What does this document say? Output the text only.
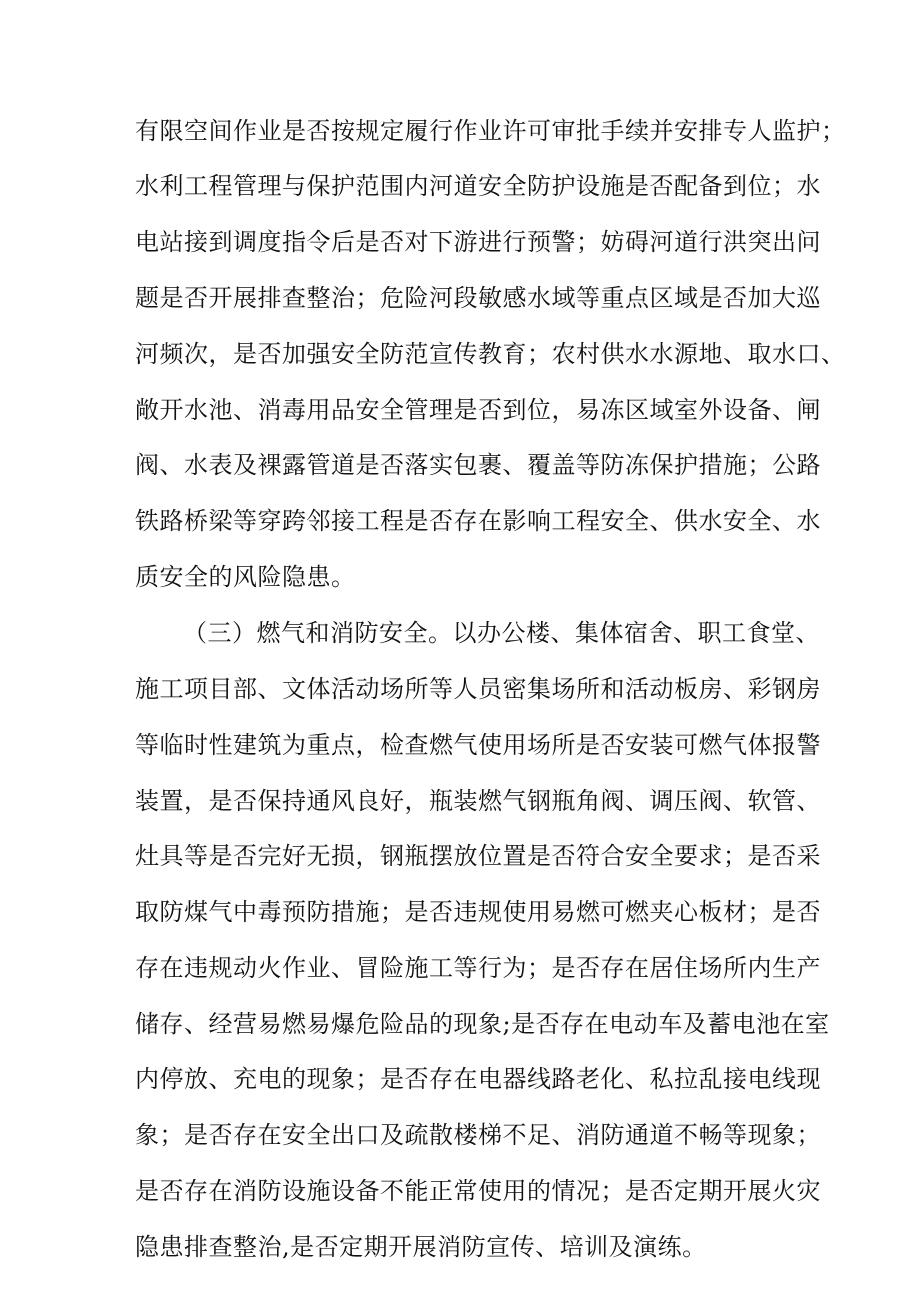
有限空间作业是否按规定履行作业许可审批手续并安排专人监护；
水利工程管理与保护范围内河道安全防护设施是否配备到位；水
电站接到调度指令后是否对下游进行预警；妨碍河道行洪突出问
题是否开展排查整治；危险河段敏感水域等重点区域是否加大巡
河频次，是否加强安全防范宣传教育；农村供水水源地、取水口、
敞开水池、消毒用品安全管理是否到位，易冻区域室外设备、闸
阀、水表及裸露管道是否落实包裹、覆盖等防冻保护措施；公路
铁路桥梁等穿跨邻接工程是否存在影响工程安全、供水安全、水
质安全的风险隐患。
（三）燃气和消防安全。以办公楼、集体宿舍、职工食堂、
施工项目部、文体活动场所等人员密集场所和活动板房、彩钢房
等临时性建筑为重点，检查燃气使用场所是否安装可燃气体报警
装置，是否保持通风良好，瓶装燃气钢瓶角阀、调压阀、软管、
灶具等是否完好无损，钢瓶摆放位置是否符合安全要求；是否采
取防煤气中毒预防措施；是否违规使用易燃可燃夹心板材；是否
存在违规动火作业、冒险施工等行为；是否存在居住场所内生产
储存、经营易燃易爆危险品的现象;是否存在电动车及蓄电池在室
内停放、充电的现象；是否存在电器线路老化、私拉乱接电线现
象；是否存在安全出口及疏散楼梯不足、消防通道不畅等现象；
是否存在消防设施设备不能正常使用的情况；是否定期开展火灾
隐患排查整治,是否定期开展消防宣传、培训及演练。
